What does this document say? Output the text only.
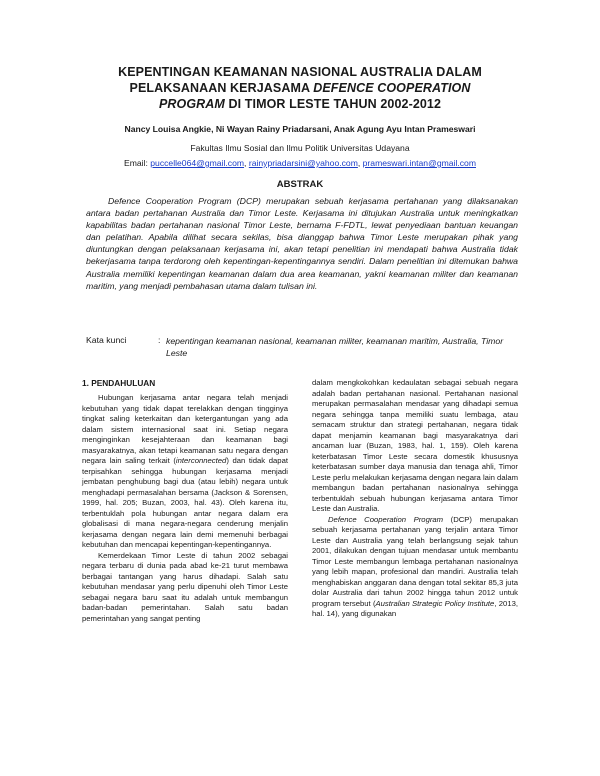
KEPENTINGAN KEAMANAN NASIONAL AUSTRALIA DALAM
PELAKSANAAN KERJASAMA DEFENCE COOPERATION
PROGRAM DI TIMOR LESTE TAHUN 2002-2012
Nancy Louisa Angkie, Ni Wayan Rainy Priadarsani, Anak Agung Ayu Intan Prameswari
Fakultas Ilmu Sosial dan Ilmu Politik Universitas Udayana
Email: puccelle064@gmail.com, rainypriadarsini@yahoo.com, prameswari.intan@gmail.com
ABSTRAK

Defence Cooperation Program (DCP) merupakan sebuah kerjasama pertahanan yang dilaksanakan antara badan pertahanan Australia dan Timor Leste. Kerjasama ini ditujukan Australia untuk meningkatkan kapabilitas badan pertahanan nasional Timor Leste, bernama F-FDTL, lewat penyediaan bantuan keuangan dan pelatihan. Apabila dilihat secara sekilas, bisa dianggap bahwa Timor Leste merupakan pihak yang diuntungkan dengan pelaksanaan kerjasama ini, akan tetapi penelitian ini mendapati bahwa Australia tidak bekerjasama tanpa terdorong oleh kepentingan-kepentingannya sendiri. Dalam penelitian ini ditemukan bahwa Australia memiliki kepentingan keamanan dalam dua area keamanan, yakni keamanan militer dan keamanan maritim, yang menjadi pembahasan utama dalam tulisan ini.

Kata kunci	: kepentingan keamanan nasional, keamanan militer, keamanan maritim, Australia, Timor Leste
1. PENDAHULUAN

Hubungan kerjasama antar negara telah menjadi kebutuhan yang tidak dapat terelakkan dengan tingginya tingkat saling keterkaitan dan ketergantungan yang ada dalam sistem internasional saat ini. Setiap negara menginginkan kesejahteraan dan keamanan bagi masyarakatnya, akan tetapi keamanan satu negara dengan negara lain saling terkait (interconnected) dan tidak dapat terpisahkan sehingga hubungan kerjasama menjadi jembatan penghubung bagi dua (atau lebih) negara untuk menghadapi permasalahan bersama (Jackson & Sorensen, 1999, hal. 205; Buzan, 2003, hal. 43). Oleh karena itu, terbentuklah pola hubungan antar negara dalam era globalisasi di mana negara-negara cenderung menjalin kerjasama dengan negara lain demi memenuhi berbagai kebutuhan dan mencapai kepentingan-kepentingannya.

Kemerdekaan Timor Leste di tahun 2002 sebagai negara terbaru di dunia pada abad ke-21 turut membawa berbagai tantangan yang harus dihadapi. Salah satu kebutuhan mendasar yang perlu dipenuhi oleh Timor Leste sebagai negara baru saat itu adalah untuk membangun badan-badan pemerintahan. Salah satu badan pemerintahan yang sangat penting

dalam mengkokohkan kedaulatan sebagai sebuah negara adalah badan pertahanan nasional. Pertahanan nasional merupakan permasalahan mendasar yang dihadapi semua negara sehingga tanpa memiliki suatu lembaga, atau semacam struktur dan strategi pertahanan, negara tidak dapat menjamin keamanan bagi masyarakatnya dari ancaman luar (Buzan, 1983, hal. 1, 159). Oleh karena keterbatasan Timor Leste secara domestik khususnya keterbatasan sumber daya manusia dan tenaga ahli, Timor Leste perlu melakukan kerjasama dengan negara lain dalam membangun badan pertahanan nasionalnya sehingga terbentuklah sebuah hubungan kerjasama antara Timor Leste dan Australia.

Defence Cooperation Program (DCP) merupakan sebuah kerjasama pertahanan yang terjalin antara Timor Leste dan Australia yang telah berlangsung sejak tahun 2001, dilakukan dengan tujuan mendasar untuk membantu Timor Leste membangun lembaga pertahanan nasionalnya yang lebih mapan, profesional dan mandiri. Australia telah menghabiskan anggaran dana dengan total sekitar 85,3 juta dolar Australia dari tahun 2002 hingga tahun 2012 untuk program tersebut (Australian Strategic Policy Institute, 2013, hal. 14), yang digunakan
